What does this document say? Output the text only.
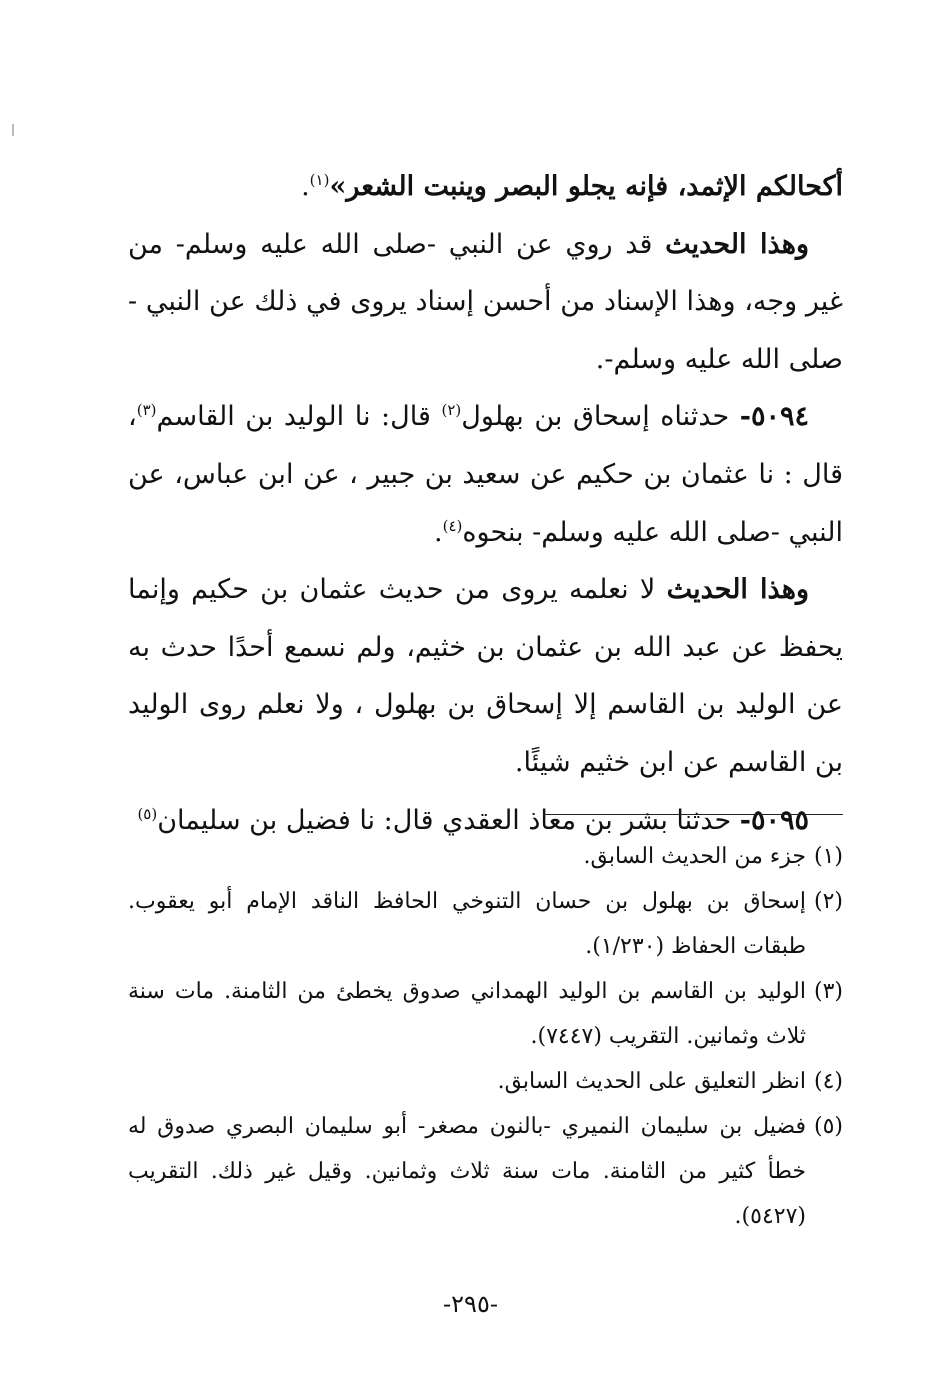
أكحالكم الإثمد، فإنه يجلو البصر وينبت الشعر»$^{(١)}$.

وهذا الحديث قد روي عن النبي -صلى الله عليه وسلم- من غير وجه، وهذا الإسناد من أحسن إسناد يروى في ذلك عن النبي - صلى الله عليه وسلم-.

٥٠٩٤- حدثناه إسحاق بن بهلول$^{(٢)}$ قال: نا الوليد بن القاسم$^{(٣)}$، قال : نا عثمان بن حكيم عن سعيد بن جبير ، عن ابن عباس، عن النبي -صلى الله عليه وسلم- بنحوه$^{(٤)}$.

وهذا الحديث لا نعلمه يروى من حديث عثمان بن حكيم وإنما يحفظ عن عبد الله بن عثمان بن خثيم، ولم نسمع أحدًا حدث به عن الوليد بن القاسم إلا إسحاق بن بهلول ، ولا نعلم روى الوليد بن القاسم عن ابن خثيم شيئًا.

٥٠٩٥- حدثنا بشر بن معاذ العقدي قال: نا فضيل بن سليمان$^{(٥)}$

(١)
جزء من الحديث السابق.
(٢)
إسحاق بن بهلول بن حسان التنوخي الحافظ الناقد الإمام أبو يعقوب. طبقات الحفاظ (١/٢٣٠).
(٣)
الوليد بن القاسم بن الوليد الهمداني صدوق يخطئ من الثامنة. مات سنة ثلاث وثمانين. التقريب (٧٤٤٧).
(٤)
انظر التعليق على الحديث السابق.
(٥)
فضيل بن سليمان النميري -بالنون مصغر- أبو سليمان البصري صدوق له خطأ كثير من الثامنة. مات سنة ثلاث وثمانين. وقيل غير ذلك. التقريب (٥٤٢٧).
-٢٩٥-
